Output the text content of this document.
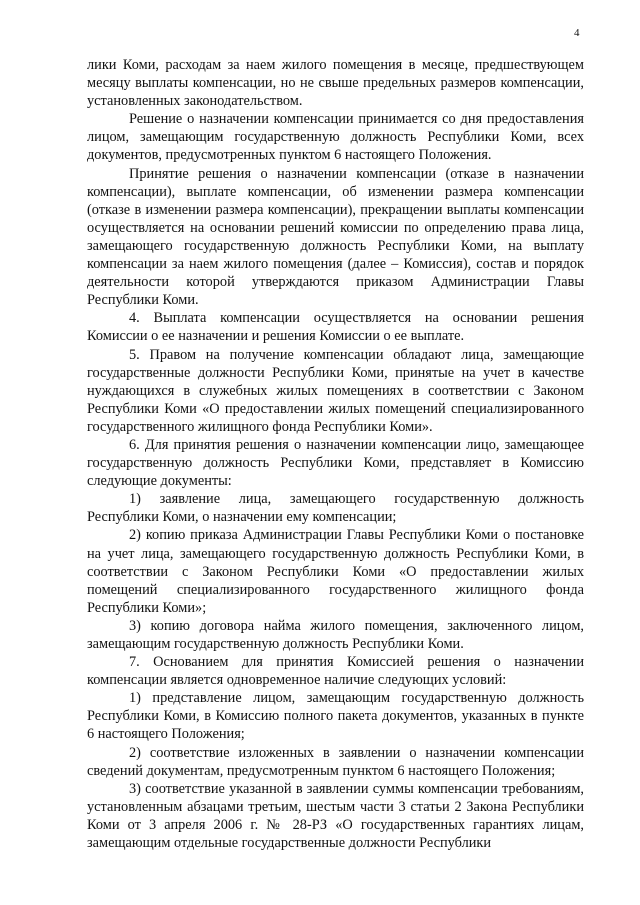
4

лики Коми, расходам за наем жилого помещения в месяце, предшествующем месяцу выплаты компенсации, но не свыше предельных размеров компенсации, установленных законодательством.

Решение о назначении компенсации принимается со дня предоставления лицом, замещающим государственную должность Республики Коми, всех документов, предусмотренных пунктом 6 настоящего Положения.

Принятие решения о назначении компенсации (отказе в назначении компенсации), выплате компенсации, об изменении размера компенсации (отказе в изменении размера компенсации), прекращении выплаты компенсации осуществляется на основании решений комиссии по определению права лица, замещающего государственную должность Республики Коми, на выплату компенсации за наем жилого помещения (далее – Комиссия), состав и порядок деятельности которой утверждаются приказом Администрации Главы Республики Коми.

4. Выплата компенсации осуществляется на основании решения Комиссии о ее назначении и решения Комиссии о ее выплате.

5. Правом на получение компенсации обладают лица, замещающие государственные должности Республики Коми, принятые на учет в качестве нуждающихся в служебных жилых помещениях в соответствии с Законом Республики Коми «О предоставлении жилых помещений специализированного государственного жилищного фонда Республики Коми».

6. Для принятия решения о назначении компенсации лицо, замещающее государственную должность Республики Коми, представляет в Комиссию следующие документы:

1) заявление лица, замещающего государственную должность Республики Коми, о назначении ему компенсации;

2) копию приказа Администрации Главы Республики Коми о постановке на учет лица, замещающего государственную должность Республики Коми, в соответствии с Законом Республики Коми «О предоставлении жилых помещений специализированного государственного жилищного фонда Республики Коми»;

3) копию договора найма жилого помещения, заключенного лицом, замещающим государственную должность Республики Коми.

7. Основанием для принятия Комиссией решения о назначении компенсации является одновременное наличие следующих условий:

1) представление лицом, замещающим государственную должность Республики Коми, в Комиссию полного пакета документов, указанных в пункте 6 настоящего Положения;

2) соответствие изложенных в заявлении о назначении компенсации сведений документам, предусмотренным пунктом 6 настоящего Положения;

3) соответствие указанной в заявлении суммы компенсации требованиям, установленным абзацами третьим, шестым части 3 статьи 2 Закона Республики Коми от 3 апреля 2006 г. № 28-РЗ «О государственных гарантиях лицам, замещающим отдельные государственные должности Республики
